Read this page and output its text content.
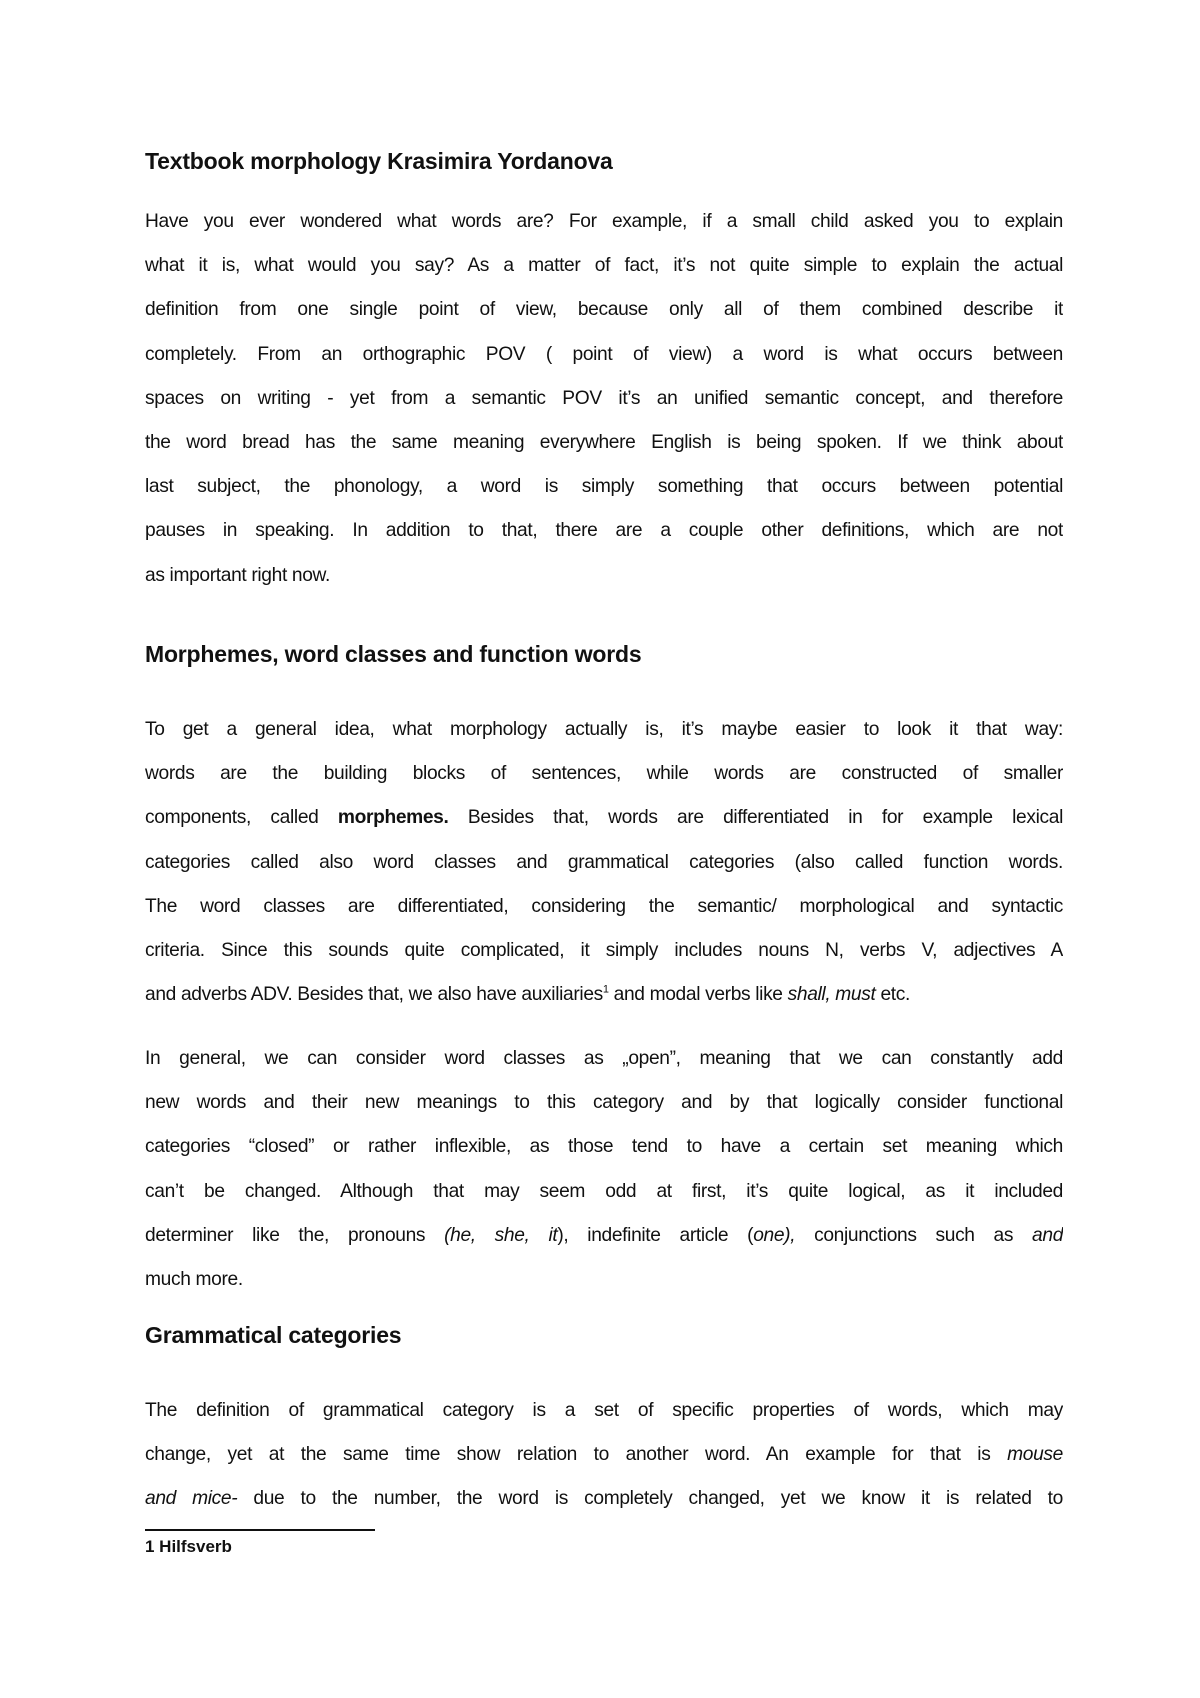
Textbook morphology Krasimira Yordanova

Have you ever wondered what words are? For example, if a small child asked you to explain
what it is, what would you say? As a matter of fact, it’s not quite simple to explain the actual
definition from one single point of view, because only all of them combined describe it
completely. From an orthographic POV ( point of view) a word is what occurs between
spaces on writing - yet from a semantic POV it’s an unified semantic concept, and therefore
the word bread has the same meaning everywhere English is being spoken. If we think about
last subject, the phonology, a word is simply something that occurs between potential
pauses in speaking. In addition to that, there are a couple other definitions, which are not
as important right now.

Morphemes, word classes and function words

To get a general idea, what morphology actually is, it’s maybe easier to look it that way:
words are the building blocks of sentences, while words are constructed of smaller
components, called morphemes. Besides that, words are differentiated in for example lexical
categories called also word classes and grammatical categories (also called function words.
The word classes are differentiated, considering the semantic/ morphological and syntactic
criteria. Since this sounds quite complicated, it simply includes nouns N, verbs V, adjectives A
and adverbs ADV. Besides that, we also have auxiliaries$^1$ and modal verbs like shall, must etc.

In general, we can consider word classes as „open”, meaning that we can constantly add
new words and their new meanings to this category and by that logically consider functional
categories “closed” or rather inflexible, as those tend to have a certain set meaning which
can’t be changed. Although that may seem odd at first, it’s quite logical, as it included
determiner like the, pronouns (he, she, it), indefinite article (one), conjunctions such as and
much more.

Grammatical categories

The definition of grammatical category is a set of specific properties of words, which may
change, yet at the same time show relation to another word. An example for that is mouse
and mice- due to the number, the word is completely changed, yet we know it is related to

1 Hilfsverb
